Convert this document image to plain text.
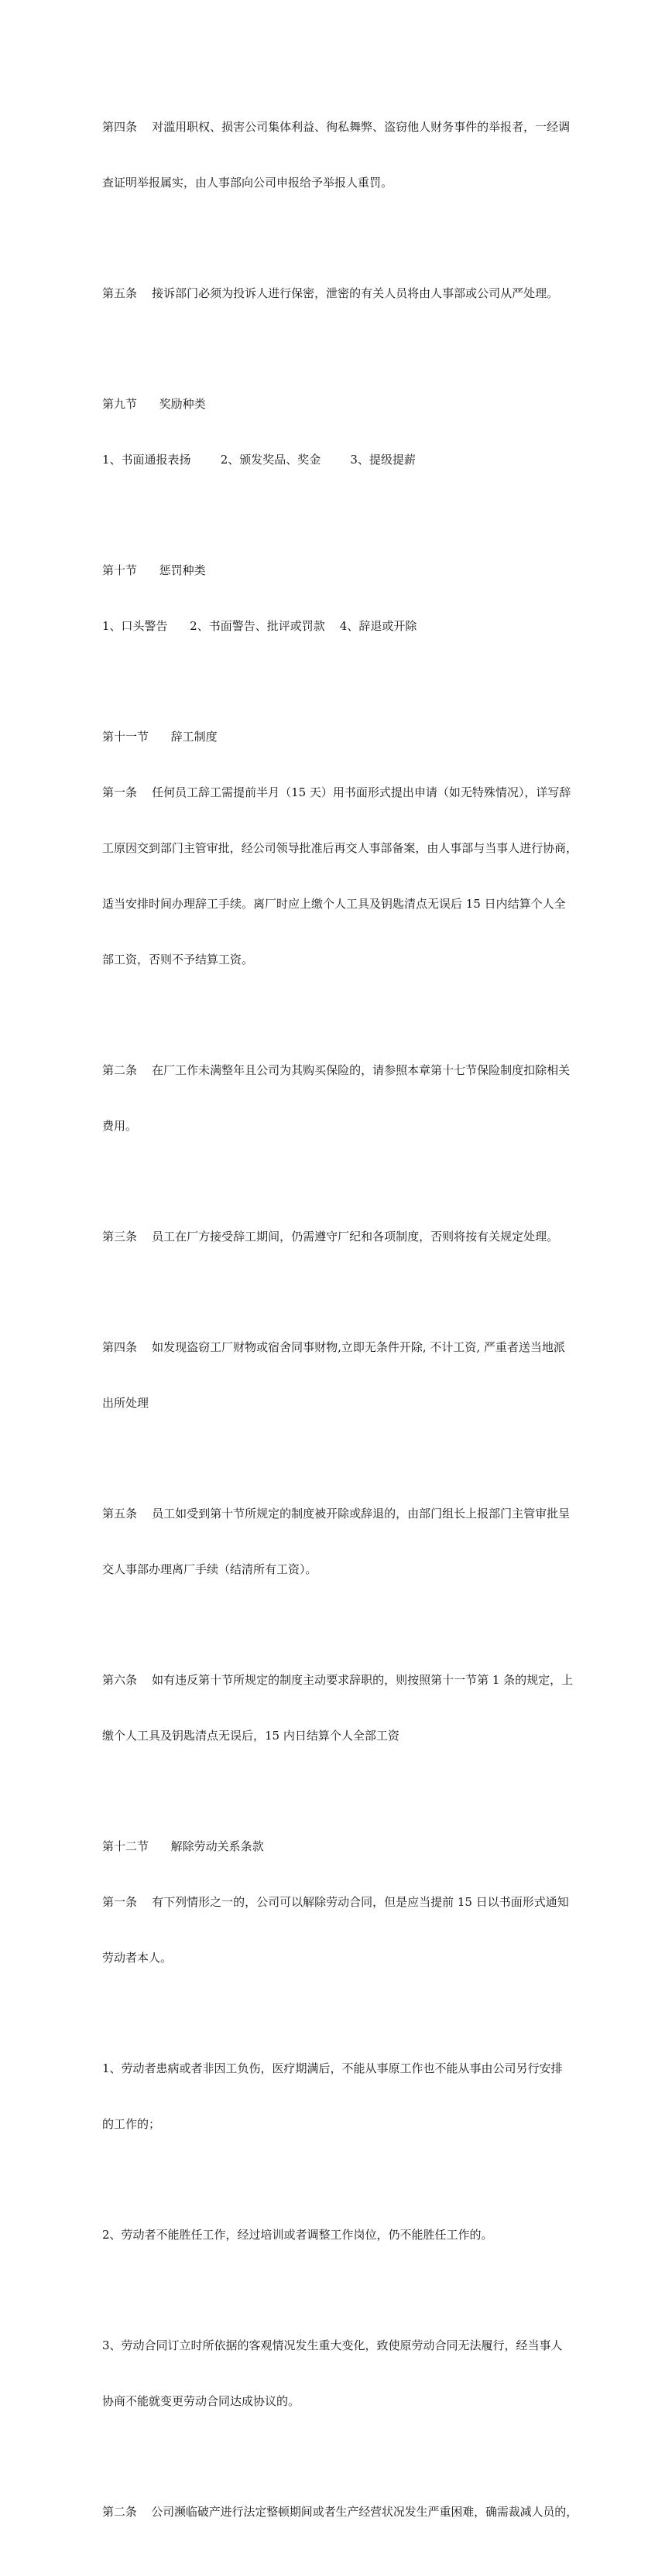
第四条    对滥用职权、损害公司集体利益、徇私舞弊、盗窃他人财务事件的举报者，一经调

查证明举报属实，由人事部向公司申报给予举报人重罚。

第五条    接诉部门必须为投诉人进行保密，泄密的有关人员将由人事部或公司从严处理。

第九节      奖励种类

1、书面通报表扬        2、颁发奖品、奖金        3、提级提薪

第十节      惩罚种类

1、口头警告      2、书面警告、批评或罚款    4、辞退或开除

第十一节      辞工制度

第一条    任何员工辞工需提前半月（15 天）用书面形式提出申请（如无特殊情况），详写辞

工原因交到部门主管审批，经公司领导批准后再交人事部备案，由人事部与当事人进行协商，

适当安排时间办理辞工手续。离厂时应上缴个人工具及钥匙清点无误后 15 日内结算个人全

部工资，否则不予结算工资。

第二条    在厂工作未满整年且公司为其购买保险的，请参照本章第十七节保险制度扣除相关

费用。

第三条    员工在厂方接受辞工期间，仍需遵守厂纪和各项制度，否则将按有关规定处理。

第四条    如发现盗窃工厂财物或宿舍同事财物,立即无条件开除, 不计工资, 严重者送当地派

出所处理

第五条    员工如受到第十节所规定的制度被开除或辞退的，由部门组长上报部门主管审批呈

交人事部办理离厂手续（结清所有工资）。

第六条    如有违反第十节所规定的制度主动要求辞职的，则按照第十一节第 1 条的规定，上

缴个人工具及钥匙清点无误后，15 内日结算个人全部工资

第十二节      解除劳动关系条款

第一条    有下列情形之一的，公司可以解除劳动合同，但是应当提前 15 日以书面形式通知

劳动者本人。

1、劳动者患病或者非因工负伤，医疗期满后，不能从事原工作也不能从事由公司另行安排

的工作的；

2、劳动者不能胜任工作，经过培训或者调整工作岗位，仍不能胜任工作的。

3、劳动合同订立时所依据的客观情况发生重大变化，致使原劳动合同无法履行，经当事人

协商不能就变更劳动合同达成协议的。

第二条    公司濒临破产进行法定整顿期间或者生产经营状况发生严重困难，确需裁减人员的，
